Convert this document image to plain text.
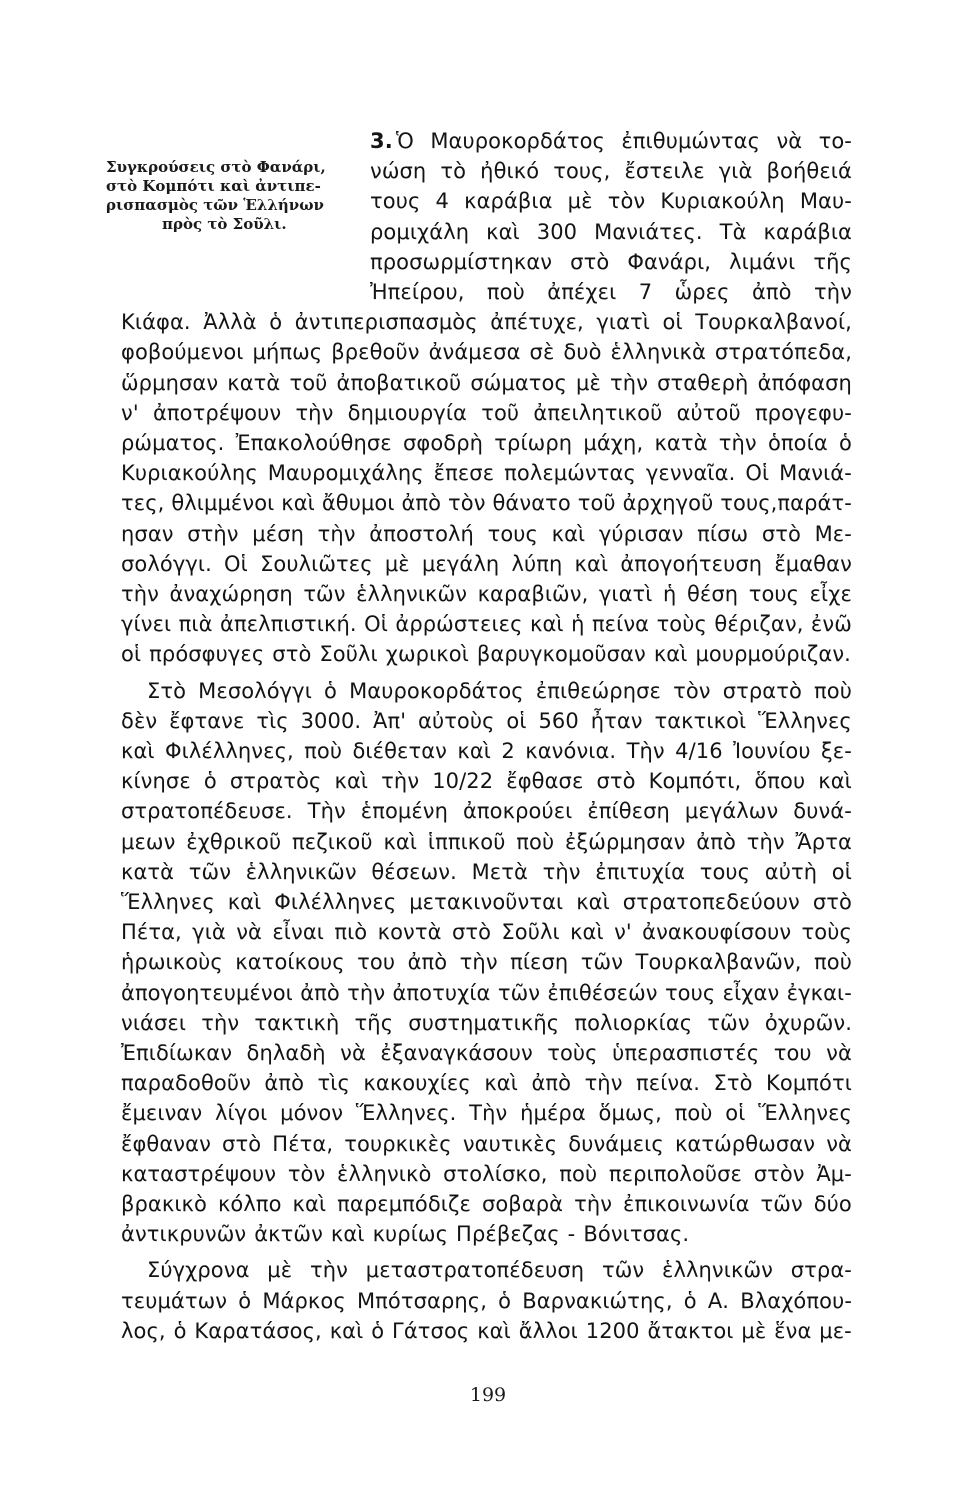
Συγκρούσεις στὸ Φανάρι,
στὸ Κομπότι καὶ ἀντιπε-
ρισπασμὸς τῶν Ἑλλήνων
πρὸς τὸ Σοῦλι.
Ὁ Μαυροκορδάτος ἐπιθυμώντας νὰ το-
νώση τὸ ἠθικό τους, ἔστειλε γιὰ βοήθειά
τους 4 καράβια μὲ τὸν Κυριακούλη Μαυ-
ρομιχάλη καὶ 300 Μανιάτες. Τὰ καράβια
προσωρμίστηκαν στὸ Φανάρι, λιμάνι τῆς
Ἠπείρου, ποὺ ἀπέχει 7 ὧρες ἀπὸ τὴν
Κιάφα. Ἀλλὰ ὁ ἀντιπερισπασμὸς ἀπέτυχε, γιατὶ οἱ Τουρκαλβανοί,
φοβούμενοι μήπως βρεθοῦν ἀνάμεσα σὲ δυὸ ἑλληνικὰ στρατόπεδα,
ὥρμησαν κατὰ τοῦ ἀποβατικοῦ σώματος μὲ τὴν σταθερὴ ἀπόφαση
ν' ἀποτρέψουν τὴν δημιουργία τοῦ ἀπειλητικοῦ αὐτοῦ προγεφυ-
ρώματος. Ἐπακολούθησε σφοδρὴ τρίωρη μάχη, κατὰ τὴν ὁποία ὁ
Κυριακούλης Μαυρομιχάλης ἔπεσε πολεμώντας γενναῖα. Οἱ Μανιά-
τες, θλιμμένοι καὶ ἄθυμοι ἀπὸ τὸν θάνατο τοῦ ἀρχηγοῦ τους,παράτ-
ησαν στὴν μέση τὴν ἀποστολή τους καὶ γύρισαν πίσω στὸ Με-
σολόγγι. Οἱ Σουλιῶτες μὲ μεγάλη λύπη καὶ ἀπογοήτευση ἔμαθαν
τὴν ἀναχώρηση τῶν ἑλληνικῶν καραβιῶν, γιατὶ ἡ θέση τους εἶχε
γίνει πιὰ ἀπελπιστική. Οἱ ἀρρώστειες καὶ ἡ πείνα τοὺς θέριζαν, ἐνῶ
οἱ πρόσφυγες στὸ Σοῦλι χωρικοὶ βαρυγκομοῦσαν καὶ μουρμούριζαν.
Στὸ Μεσολόγγι ὁ Μαυροκορδάτος ἐπιθεώρησε τὸν στρατὸ ποὺ
δὲν ἔφτανε τὶς 3000. Ἀπ' αὐτοὺς οἱ 560 ἦταν τακτικοὶ Ἕλληνες
καὶ Φιλέλληνες, ποὺ διέθεταν καὶ 2 κανόνια. Τὴν 4/16 Ἰουνίου ξε-
κίνησε ὁ στρατὸς καὶ τὴν 10/22 ἔφθασε στὸ Κομπότι, ὅπου καὶ
στρατοπέδευσε. Τὴν ἑπομένη ἀποκρούει ἐπίθεση μεγάλων δυνά-
μεων ἐχθρικοῦ πεζικοῦ καὶ ἱππικοῦ ποὺ ἐξώρμησαν ἀπὸ τὴν Ἄρτα
κατὰ τῶν ἑλληνικῶν θέσεων. Μετὰ τὴν ἐπιτυχία τους αὐτὴ οἱ
Ἕλληνες καὶ Φιλέλληνες μετακινοῦνται καὶ στρατοπεδεύουν στὸ
Πέτα, γιὰ νὰ εἶναι πιὸ κοντὰ στὸ Σοῦλι καὶ ν' ἀνακουφίσουν τοὺς
ἡρωικοὺς κατοίκους του ἀπὸ τὴν πίεση τῶν Τουρκαλβανῶν, ποὺ
ἀπογοητευμένοι ἀπὸ τὴν ἀποτυχία τῶν ἐπιθέσεών τους εἶχαν ἐγκαι-
νιάσει τὴν τακτικὴ τῆς συστηματικῆς πολιορκίας τῶν ὀχυρῶν.
Ἐπιδίωκαν δηλαδὴ νὰ ἐξαναγκάσουν τοὺς ὑπερασπιστές του νὰ
παραδοθοῦν ἀπὸ τὶς κακουχίες καὶ ἀπὸ τὴν πείνα. Στὸ Κομπότι
ἔμειναν λίγοι μόνον Ἕλληνες. Τὴν ἡμέρα ὅμως, ποὺ οἱ Ἕλληνες
ἔφθαναν στὸ Πέτα, τουρκικὲς ναυτικὲς δυνάμεις κατώρθωσαν νὰ
καταστρέψουν τὸν ἑλληνικὸ στολίσκο, ποὺ περιπολοῦσε στὸν Ἀμ-
βρακικὸ κόλπο καὶ παρεμπόδιζε σοβαρὰ τὴν ἐπικοινωνία τῶν δύο
ἀντικρυνῶν ἀκτῶν καὶ κυρίως Πρέβεζας - Βόνιτσας.
Σύγχρονα μὲ τὴν μεταστρατοπέδευση τῶν ἑλληνικῶν στρα-
τευμάτων ὁ Μάρκος Μπότσαρης, ὁ Βαρνακιώτης, ὁ Α. Βλαχόπου-
λος, ὁ Καρατάσος, καὶ ὁ Γάτσος καὶ ἄλλοι 1200 ἄτακτοι μὲ ἕνα με-
3.
199
